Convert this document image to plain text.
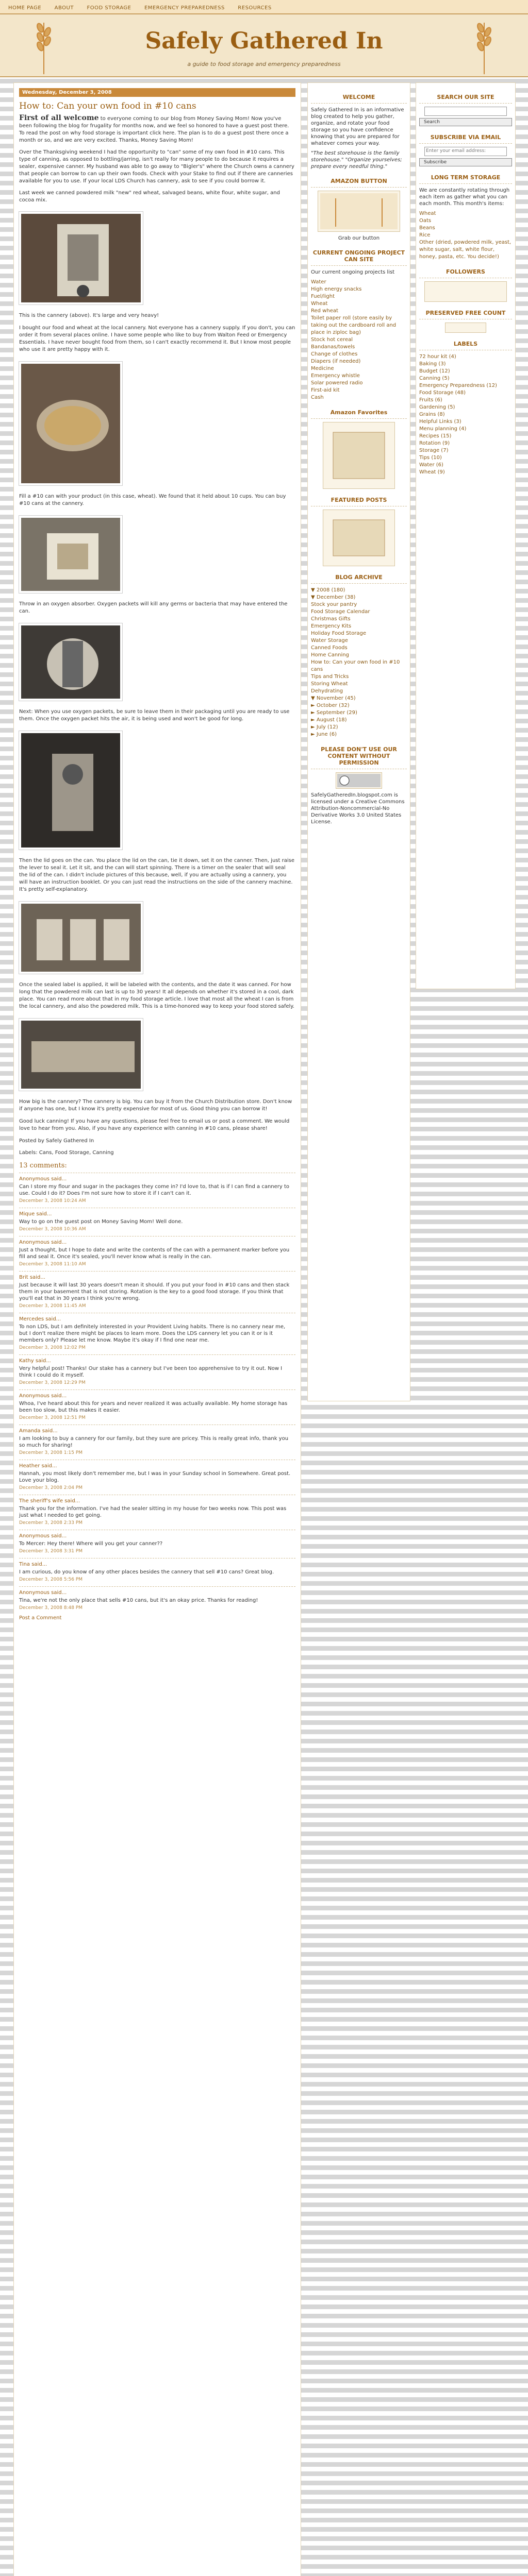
HOME PAGE	ABOUT	FOOD STORAGE	EMERGENCY PREPAREDNESS	RESOURCES
Safely Gathered In
a guide to food storage and emergency preparedness
Wednesday, December 3, 2008
How to: Can your own food in #10 cans

First of all welcome to everyone coming to our blog from Money Saving Mom! Now you've been following the blog for frugality for months now, and we feel so honored to have a guest post there. To read the post on why food storage is important click here. The plan is to do a guest post there once a month or so, and we are very excited. Thanks, Money Saving Mom!

Over the Thanksgiving weekend I had the opportunity to "can" some of my own food in #10 cans. This type of canning, as opposed to bottling/jarring, isn't really for many people to do because it requires a sealer, expensive canner. My husband was able to go away to "Bigler's" where the Church owns a cannery that people can borrow to can up their own foods. Check with your Stake to find out if there are canneries available for you to use. If your local LDS Church has cannery, ask to see if you could borrow it.

Last week we canned powdered milk "new" red wheat, salvaged beans, white flour, white sugar, and cocoa mix.

This is the cannery (above). It's large and very heavy!

I bought our food and wheat at the local cannery. Not everyone has a cannery supply. If you don't, you can order it from several places online. I have some people who like to buy from Walton Feed or Emergency Essentials. I have never bought food from them, so I can't exactly recommend it. But I know most people who use it are pretty happy with it.

Fill a #10 can with your product (in this case, wheat). We found that it held about 10 cups. You can buy #10 cans at the cannery.

Throw in an oxygen absorber. Oxygen packets will kill any germs or bacteria that may have entered the can.

Next: When you use oxygen packets, be sure to leave them in their packaging until you are ready to use them. Once the oxygen packet hits the air, it is being used and won't be good for long.

Then the lid goes on the can. You place the lid on the can, tie it down, set it on the canner. Then, just raise the lever to seal it. Let it sit, and the can will start spinning. There is a timer on the sealer that will seal the lid of the can. I didn't include pictures of this because, well, if you are actually using a cannery, you will have an instruction booklet. Or you can just read the instructions on the side of the cannery machine. It's pretty self-explanatory.

Once the sealed label is applied, it will be labeled with the contents, and the date it was canned. For how long that the powdered milk can last is up to 30 years! It all depends on whether it's stored in a cool, dark place. You can read more about that in my food storage article. I love that most all the wheat I can is from the local cannery, and also the powdered milk. This is a time-honored way to keep your food stored safely.

How big is the cannery? The cannery is big. You can buy it from the Church Distribution store. Don't know if anyone has one, but I know it's pretty expensive for most of us. Good thing you can borrow it!

Good luck canning! If you have any questions, please feel free to email us or post a comment. We would love to hear from you. Also, if you have any experience with canning in #10 cans, please share!

Posted by Safely Gathered In

Labels: Cans, Food Storage, Canning

13 comments:
Anonymous said...
Can I store my flour and sugar in the packages they come in? I'd love to, that is if I can find a cannery to use. Could I do it? Does I'm not sure how to store it if I can't can it.
December 3, 2008 10:24 AM
Mique said...
Way to go on the guest post on Money Saving Mom! Well done.
December 3, 2008 10:36 AM
Anonymous said...
Just a thought, but I hope to date and write the contents of the can with a permanent marker before you fill and seal it. Once it's sealed, you'll never know what is really in the can.
December 3, 2008 11:10 AM
Brit said...
Just because it will last 30 years doesn't mean it should. If you put your food in #10 cans and then stack them in your basement that is not storing. Rotation is the key to a good food storage. If you think that you'll eat that in 30 years I think you're wrong.
December 3, 2008 11:45 AM
Mercedes said...
To non LDS, but I am definitely interested in your Provident Living habits. There is no cannery near me, but I don't realize there might be places to learn more. Does the LDS cannery let you can it or is it members only? Please let me know. Maybe it's okay if I find one near me.
December 3, 2008 12:02 PM
Kathy said...
Very helpful post! Thanks! Our stake has a cannery but I've been too apprehensive to try it out. Now I think I could do it myself.
December 3, 2008 12:29 PM
Anonymous said...
Whoa, I've heard about this for years and never realized it was actually available. My home storage has been too slow, but this makes it easier.
December 3, 2008 12:51 PM
Amanda said...
I am looking to buy a cannery for our family, but they sure are pricey. This is really great info, thank you so much for sharing!
December 3, 2008 1:15 PM
Heather said...
Hannah, you most likely don't remember me, but I was in your Sunday school in Somewhere. Great post. Love your blog.
December 3, 2008 2:04 PM
The sheriff's wife said...
Thank you for the information. I've had the sealer sitting in my house for two weeks now. This post was just what I needed to get going.
December 3, 2008 2:33 PM
Anonymous said...
To Mercer: Hey there! Where will you get your canner??
December 3, 2008 3:31 PM
Tina said...
I am curious, do you know of any other places besides the cannery that sell #10 cans? Great blog.
December 3, 2008 5:56 PM
Anonymous said...
Tina, we're not the only place that sells #10 cans, but it's an okay price. Thanks for reading!
December 3, 2008 8:48 PM

Post a Comment

WELCOME

Safely Gathered In is an informative blog created to help you gather, organize, and rotate your food storage so you have confidence knowing that you are prepared for whatever comes your way.

"The best storehouse is the family storehouse." "Organize yourselves; prepare every needful thing."

AMAZON BUTTON

Grab our button

CURRENT ONGOING PROJECT CAN SITE

Our current ongoing projects list

Water
High energy snacks
Fuel/light
Wheat
Red wheat
Toilet paper roll (store easily by taking out the cardboard roll and place in ziploc bag)
Stock hot cereal
Bandanas/towels
Change of clothes
Diapers (if needed)
Medicine
Emergency whistle
Solar powered radio
First-aid kit
Cash
Amazon Favorites
FEATURED POSTS
BLOG ARCHIVE
▼ 2008 (180)
▼ December (38)
Stock your pantry
Food Storage Calendar
Christmas Gifts
Emergency Kits
Holiday Food Storage
Water Storage
Canned Foods
Home Canning
How to: Can your own food in #10 cans
Tips and Tricks
Storing Wheat
Dehydrating
▼ November (45)
► October (32)
► September (29)
► August (18)
► July (12)
► June (6)
PLEASE DON'T USE OUR CONTENT WITHOUT PERMISSION

SafelyGatheredIn.blogspot.com is licensed under a Creative Commons Attribution-Noncommercial-No Derivative Works 3.0 United States License.

SEARCH OUR SITE
Search
SUBSCRIBE VIA EMAIL
Enter your email address:
Subscribe
LONG TERM STORAGE

We are constantly rotating through each item as gather what you can each month. This month's items:

Wheat
Oats
Beans
Rice
Other (dried, powdered milk, yeast, white sugar, salt, white flour, honey, pasta, etc. You decide!)
FOLLOWERS
PRESERVED FREE COUNT
LABELS
72 hour kit (4)
Baking (3)
Budget (12)
Canning (5)
Emergency Preparedness (12)
Food Storage (48)
Fruits (6)
Gardening (5)
Grains (8)
Helpful Links (3)
Menu planning (4)
Recipes (15)
Rotation (9)
Storage (7)
Tips (10)
Water (6)
Wheat (9)
